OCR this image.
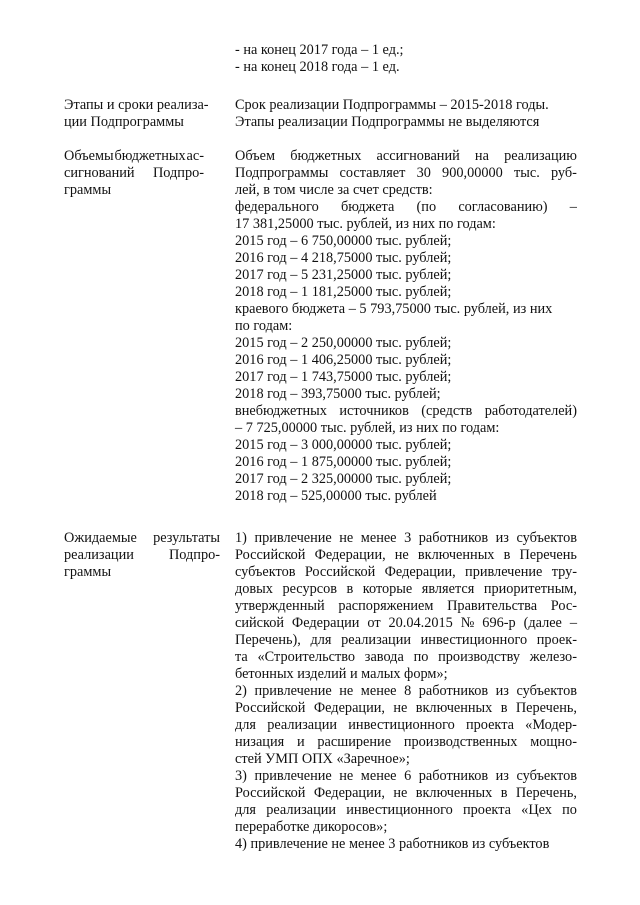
- на конец 2017 года – 1 ед.;
- на конец 2018 года – 1 ед.
Этапы и сроки реализа-
ции Подпрограммы
Срок реализации Подпрограммы – 2015-2018 годы.
Этапы реализации Подпрограммы не выделяются
Объемы бюджетных ас-
сигнований Подпро-
граммы
Объем бюджетных ассигнований на реализацию
Подпрограммы составляет 30 900,00000 тыс. руб-
лей, в том числе за счет средств:
федерального бюджета (по согласованию) –
17 381,25000 тыс. рублей, из них по годам:
2015 год – 6 750,00000 тыс. рублей;
2016 год – 4 218,75000 тыс. рублей;
2017 год – 5 231,25000 тыс. рублей;
2018 год – 1 181,25000 тыс. рублей;
краевого бюджета – 5 793,75000 тыс. рублей, из них
по годам:
2015 год – 2 250,00000 тыс. рублей;
2016 год – 1 406,25000 тыс. рублей;
2017 год – 1 743,75000 тыс. рублей;
2018 год – 393,75000 тыс. рублей;
внебюджетных источников (средств работодателей)
– 7 725,00000 тыс. рублей, из них по годам:
2015 год – 3 000,00000 тыс. рублей;
2016 год – 1 875,00000 тыс. рублей;
2017 год – 2 325,00000 тыс. рублей;
2018 год – 525,00000 тыс. рублей
Ожидаемые результаты
реализации Подпро-
граммы
1) привлечение не менее 3 работников из субъектов
Российской Федерации, не включенных в Перечень
субъектов Российской Федерации, привлечение тру-
довых ресурсов в которые является приоритетным,
утвержденный распоряжением Правительства Рос-
сийской Федерации от 20.04.2015 № 696-р (далее –
Перечень), для реализации инвестиционного проек-
та «Строительство завода по производству железо-
бетонных изделий и малых форм»;
2) привлечение не менее 8 работников из субъектов
Российской Федерации, не включенных в Перечень,
для реализации инвестиционного проекта «Модер-
низация и расширение производственных мощно-
стей УМП ОПХ «Заречное»;
3) привлечение не менее 6 работников из субъектов
Российской Федерации, не включенных в Перечень,
для реализации инвестиционного проекта «Цех по
переработке дикоросов»;
4) привлечение не менее 3 работников из субъектов
